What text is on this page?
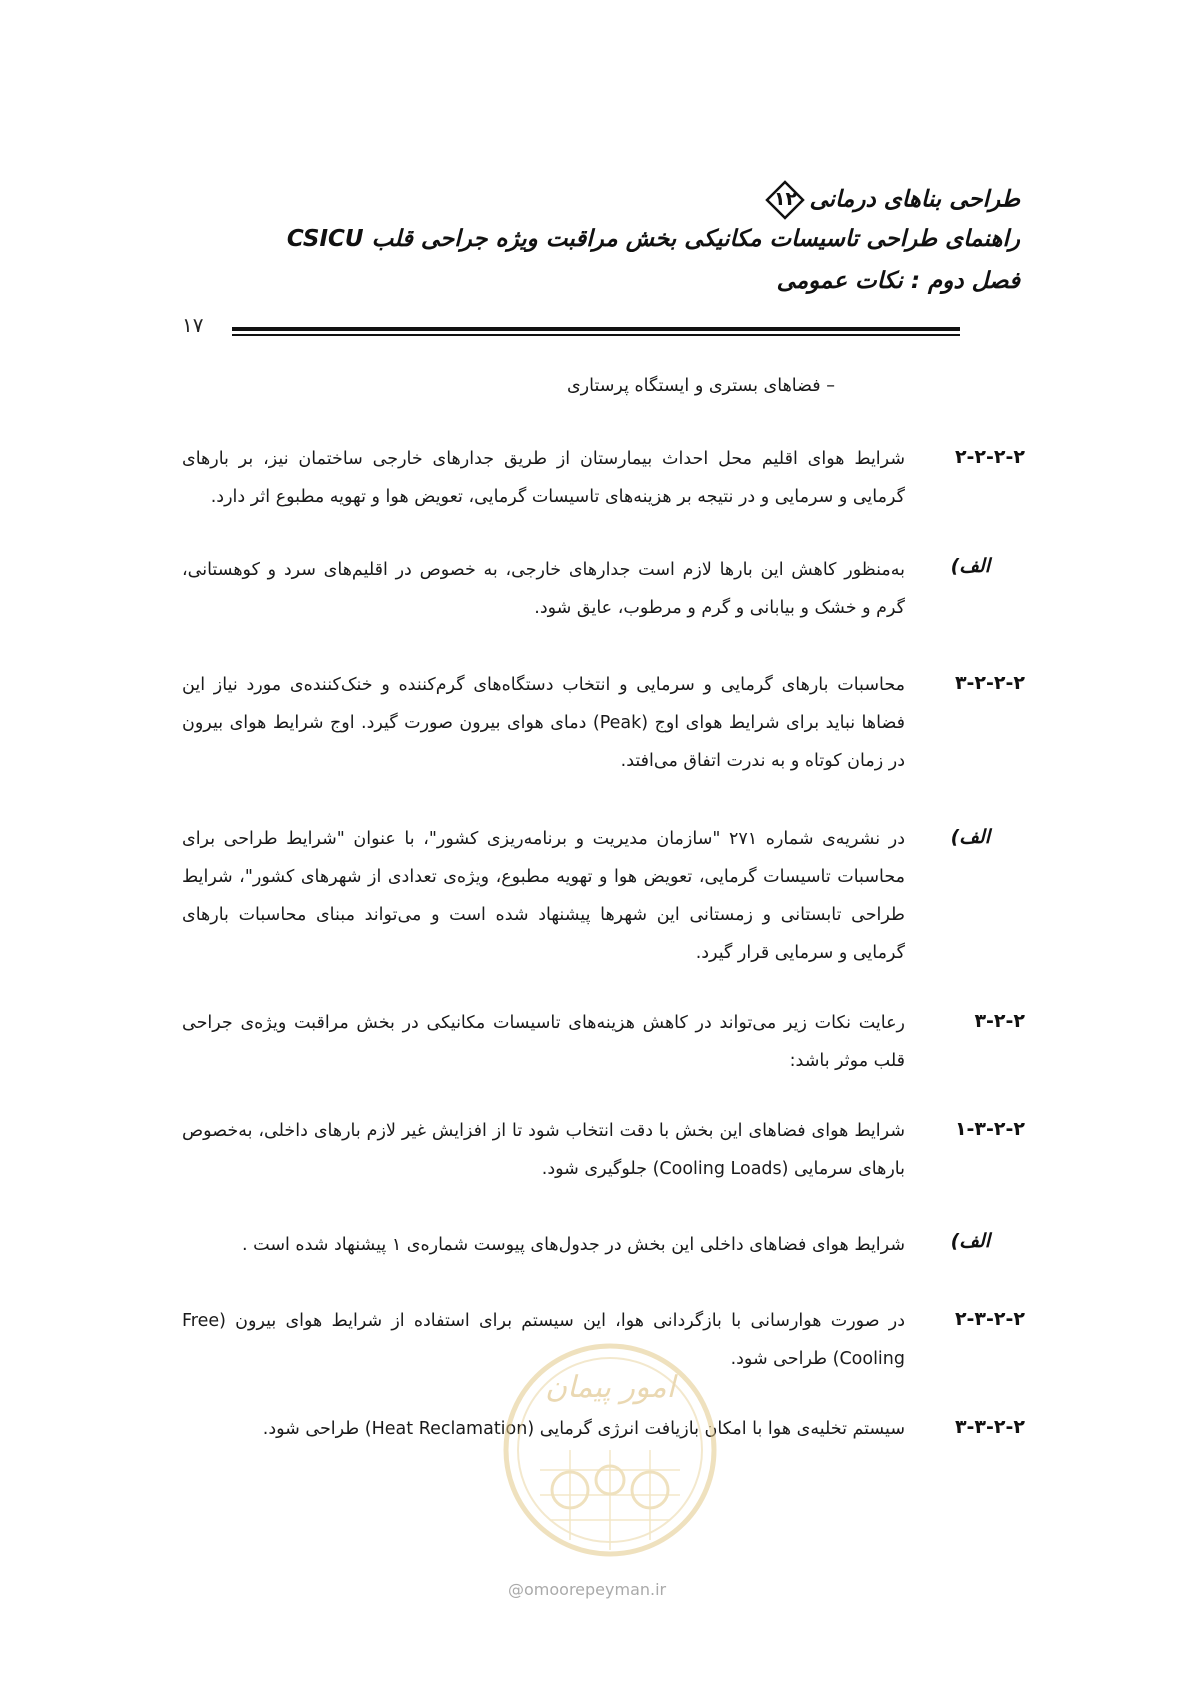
طراحی بناهای درمانی
۱۲
راهنمای طراحی تاسیسات مکانیکی بخش مراقبت ویژه جراحی قلب CSICU
فصل دوم : نکات عمومی
۱۷
– فضاهای بستری و ایستگاه پرستاری
۲-۲-۲-۲
شرایط هوای اقلیم محل احداث بیمارستان از طریق جدارهای خارجی ساختمان نیز، بر بارهای گرمایی و سرمایی و در نتیجه بر هزینه‌های تاسیسات گرمایی، تعویض هوا و تهویه مطبوع اثر دارد.
الف)
به‌منظور کاهش این بارها لازم است جدارهای خارجی، به خصوص در اقلیم‌های سرد و کوهستانی، گرم و خشک و بیابانی و گرم و مرطوب، عایق شود.
۳-۲-۲-۲
محاسبات بارهای گرمایی و سرمایی و انتخاب دستگاه‌های گرم‌کننده و خنک‌کننده‌ی مورد نیاز این فضاها نباید برای شرایط هوای اوج (Peak) دمای هوای بیرون صورت گیرد. اوج شرایط هوای بیرون در زمان کوتاه و به ندرت اتفاق می‌افتد.
الف)
در نشریه‌ی شماره ۲۷۱ "سازمان مدیریت و برنامه‌ریزی کشور"، با عنوان "شرایط طراحی برای محاسبات تاسیسات گرمایی، تعویض هوا و تهویه مطبوع، ویژه‌ی تعدادی از شهرهای کشور"، شرایط طراحی تابستانی و زمستانی این شهرها پیشنهاد شده است و می‌تواند مبنای محاسبات بارهای گرمایی و سرمایی قرار گیرد.
۳-۲-۲
رعایت نکات زیر می‌تواند در کاهش هزینه‌های تاسیسات مکانیکی در بخش مراقبت ویژه‌ی جراحی قلب موثر باشد:
۱-۳-۲-۲
شرایط هوای فضاهای این بخش با دقت انتخاب شود تا از افزایش غیر لازم بارهای داخلی، به‌خصوص بارهای سرمایی (Cooling Loads) جلوگیری شود.
الف)
شرایط هوای فضاهای داخلی این بخش در جدول‌های پیوست شماره‌ی ۱ پیشنهاد شده است .
۲-۳-۲-۲
در صورت هوارسانی با بازگردانی هوا، این سیستم برای استفاده از شرایط هوای بیرون (Free Cooling) طراحی شود.
۳-۳-۲-۲
سیستم تخلیه‌ی هوا با امکان بازیافت انرژی گرمایی (Heat Reclamation) طراحی شود.
امور پیمان
@omoorepeyman.ir
